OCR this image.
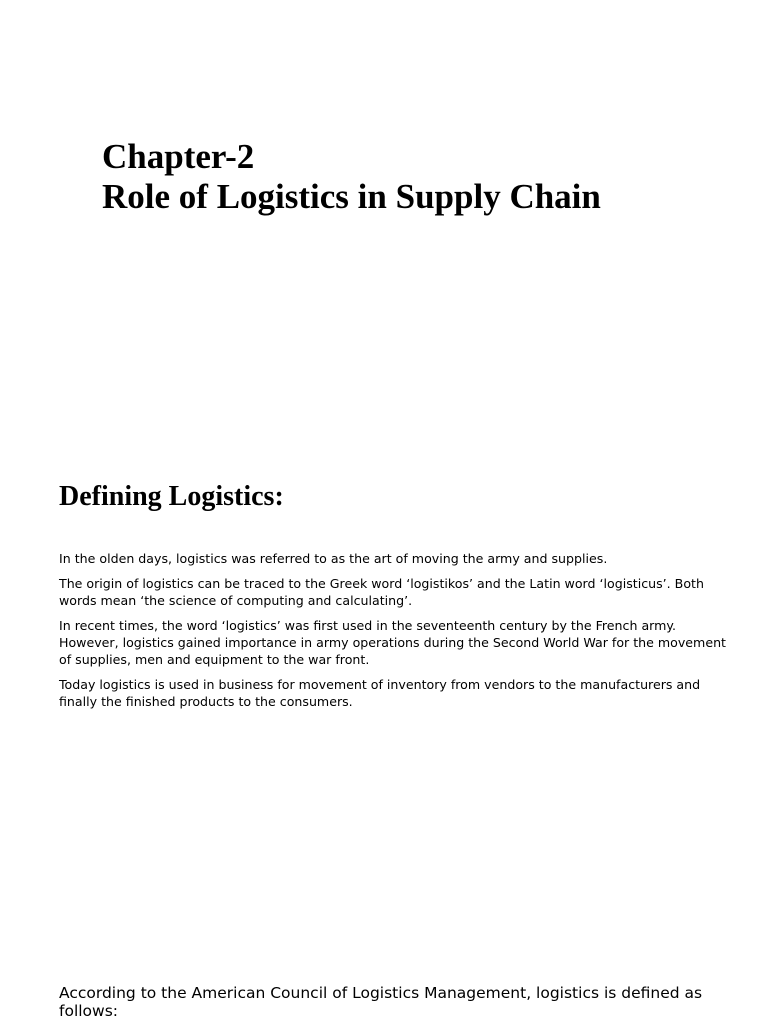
Chapter-2
Role of Logistics in Supply Chain
Defining Logistics:

In the olden days, logistics was referred to as the art of moving the army and supplies.

The origin of logistics can be traced to the Greek word ‘logistikos’ and the Latin word ‘logisticus’. Both words mean ‘the science of computing and calculating’.

In recent times, the word ‘logistics’ was first used in the seventeenth century by the French army. However, logistics gained importance in army operations during the Second World War for the movement of supplies, men and equipment to the war front.

Today logistics is used in business for movement of inventory from vendors to the manufacturers and finally the finished products to the consumers.

According to the American Council of Logistics Management, logistics is defined as follows:
